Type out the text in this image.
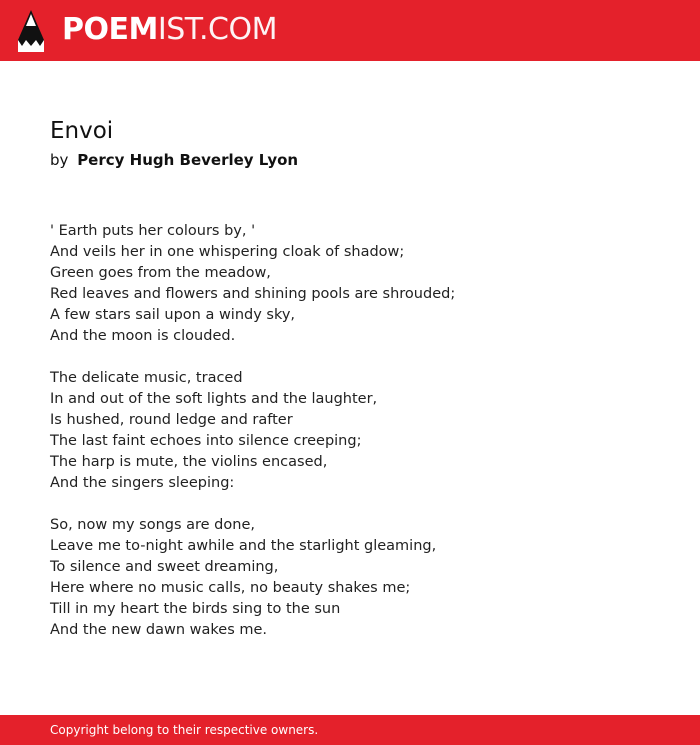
POEMIST.COM
Envoi
by Percy Hugh Beverley Lyon
' Earth puts her colours by, '
And veils her in one whispering cloak of shadow;
Green goes from the meadow,
Red leaves and flowers and shining pools are shrouded;
A few stars sail upon a windy sky,
And the moon is clouded.
The delicate music, traced
In and out of the soft lights and the laughter,
Is hushed, round ledge and rafter
The last faint echoes into silence creeping;
The harp is mute, the violins encased,
And the singers sleeping:
So, now my songs are done,
Leave me to-night awhile and the starlight gleaming,
To silence and sweet dreaming,
Here where no music calls, no beauty shakes me;
Till in my heart the birds sing to the sun
And the new dawn wakes me.
Copyright belong to their respective owners.
